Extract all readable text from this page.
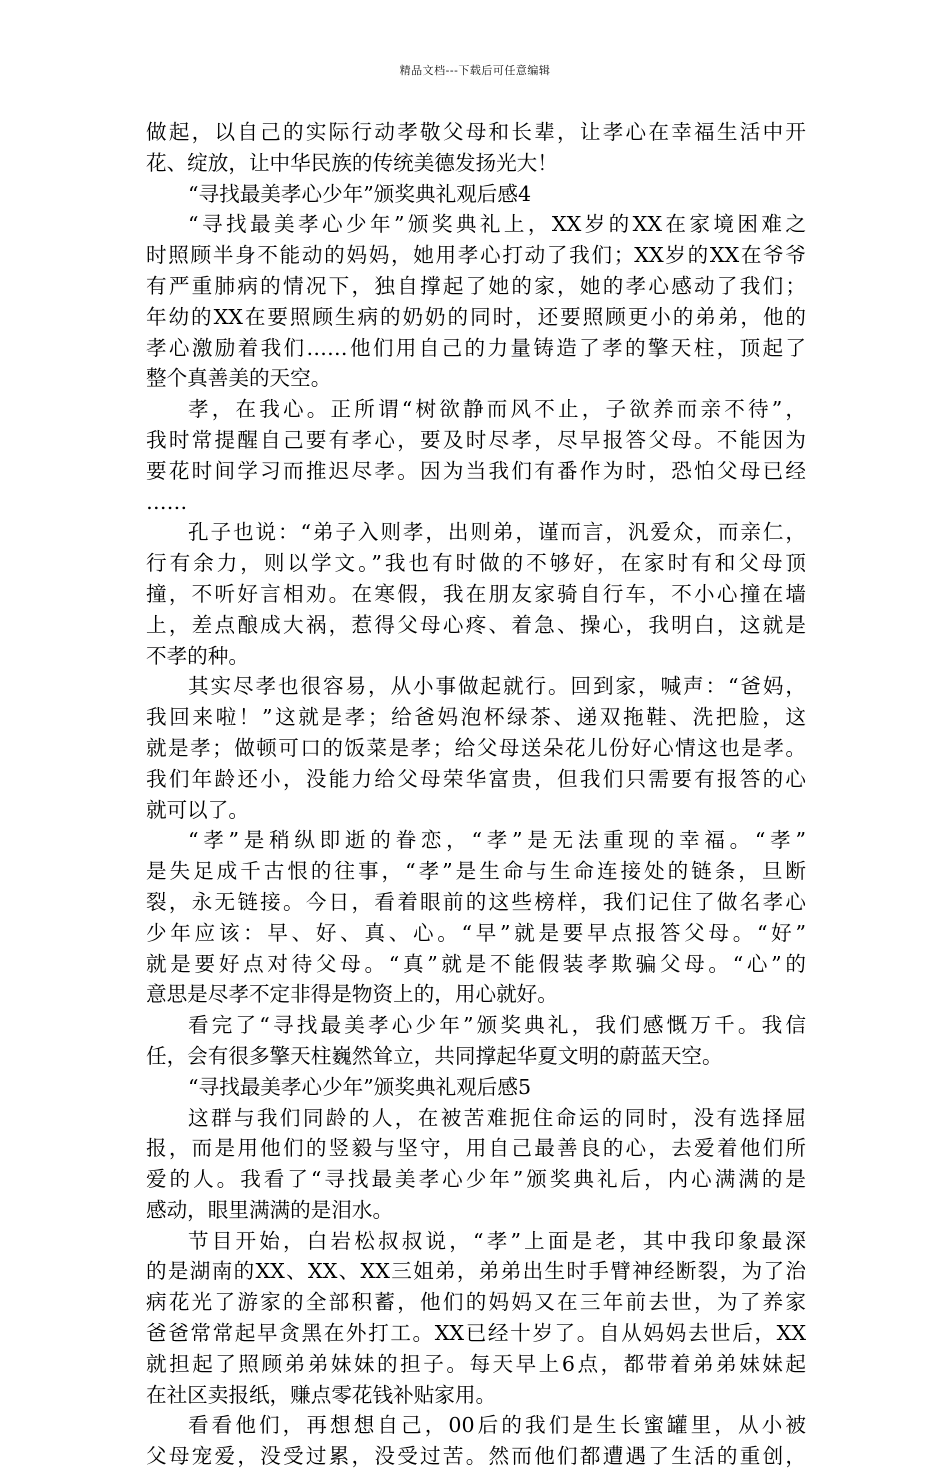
精品文档---下载后可任意编辑
做起，以自己的实际行动孝敬父母和长辈，让孝心在幸福生活中开
花、绽放，让中华民族的传统美德发扬光大！
“寻找最美孝心少年”颁奖典礼观后感4
“寻找最美孝心少年”颁奖典礼上，XX岁的XX在家境困难之
时照顾半身不能动的妈妈，她用孝心打动了我们；XX岁的XX在爷爷
有严重肺病的情况下，独自撑起了她的家，她的孝心感动了我们；
年幼的XX在要照顾生病的奶奶的同时，还要照顾更小的弟弟，他的
孝心激励着我们……他们用自己的力量铸造了孝的擎天柱，顶起了
整个真善美的天空。
孝，在我心。正所谓“树欲静而风不止，子欲养而亲不待”，
我时常提醒自己要有孝心，要及时尽孝，尽早报答父母。不能因为
要花时间学习而推迟尽孝。因为当我们有番作为时，恐怕父母已经
……
孔子也说：“弟子入则孝，出则弟，谨而言，汎爱众，而亲仁，
行有余力，则以学文。”我也有时做的不够好，在家时有和父母顶
撞，不听好言相劝。在寒假，我在朋友家骑自行车，不小心撞在墙
上，差点酿成大祸，惹得父母心疼、着急、操心，我明白，这就是
不孝的种。
其实尽孝也很容易，从小事做起就行。回到家，喊声：“爸妈，
我回来啦！”这就是孝；给爸妈泡杯绿茶、递双拖鞋、洗把脸，这
就是孝；做顿可口的饭菜是孝；给父母送朵花儿份好心情这也是孝。
我们年龄还小，没能力给父母荣华富贵，但我们只需要有报答的心
就可以了。
“孝”是稍纵即逝的眷恋，“孝”是无法重现的幸福。“孝”
是失足成千古恨的往事，“孝”是生命与生命连接处的链条，旦断
裂，永无链接。今日，看着眼前的这些榜样，我们记住了做名孝心
少年应该：早、好、真、心。“早”就是要早点报答父母。“好”
就是要好点对待父母。“真”就是不能假装孝欺骗父母。“心”的
意思是尽孝不定非得是物资上的，用心就好。
看完了“寻找最美孝心少年”颁奖典礼，我们感慨万千。我信
任，会有很多擎天柱巍然耸立，共同撑起华夏文明的蔚蓝天空。
“寻找最美孝心少年”颁奖典礼观后感5
这群与我们同龄的人，在被苦难扼住命运的同时，没有选择屈
报，而是用他们的竖毅与坚守，用自己最善良的心，去爱着他们所
爱的人。我看了“寻找最美孝心少年”颁奖典礼后，内心满满的是
感动，眼里满满的是泪水。
节目开始，白岩松叔叔说，“孝”上面是老，其中我印象最深
的是湖南的XX、XX、XX三姐弟，弟弟出生时手臂神经断裂，为了治
病花光了游家的全部积蓄，他们的妈妈又在三年前去世，为了养家
爸爸常常起早贪黑在外打工。XX已经十岁了。自从妈妈去世后，XX
就担起了照顾弟弟妹妹的担子。每天早上6点，都带着弟弟妹妹起
在社区卖报纸，赚点零花钱补贴家用。
看看他们，再想想自己，00后的我们是生长蜜罐里，从小被
父母宠爱，没受过累，没受过苦。然而他们都遭遇了生活的重创，
